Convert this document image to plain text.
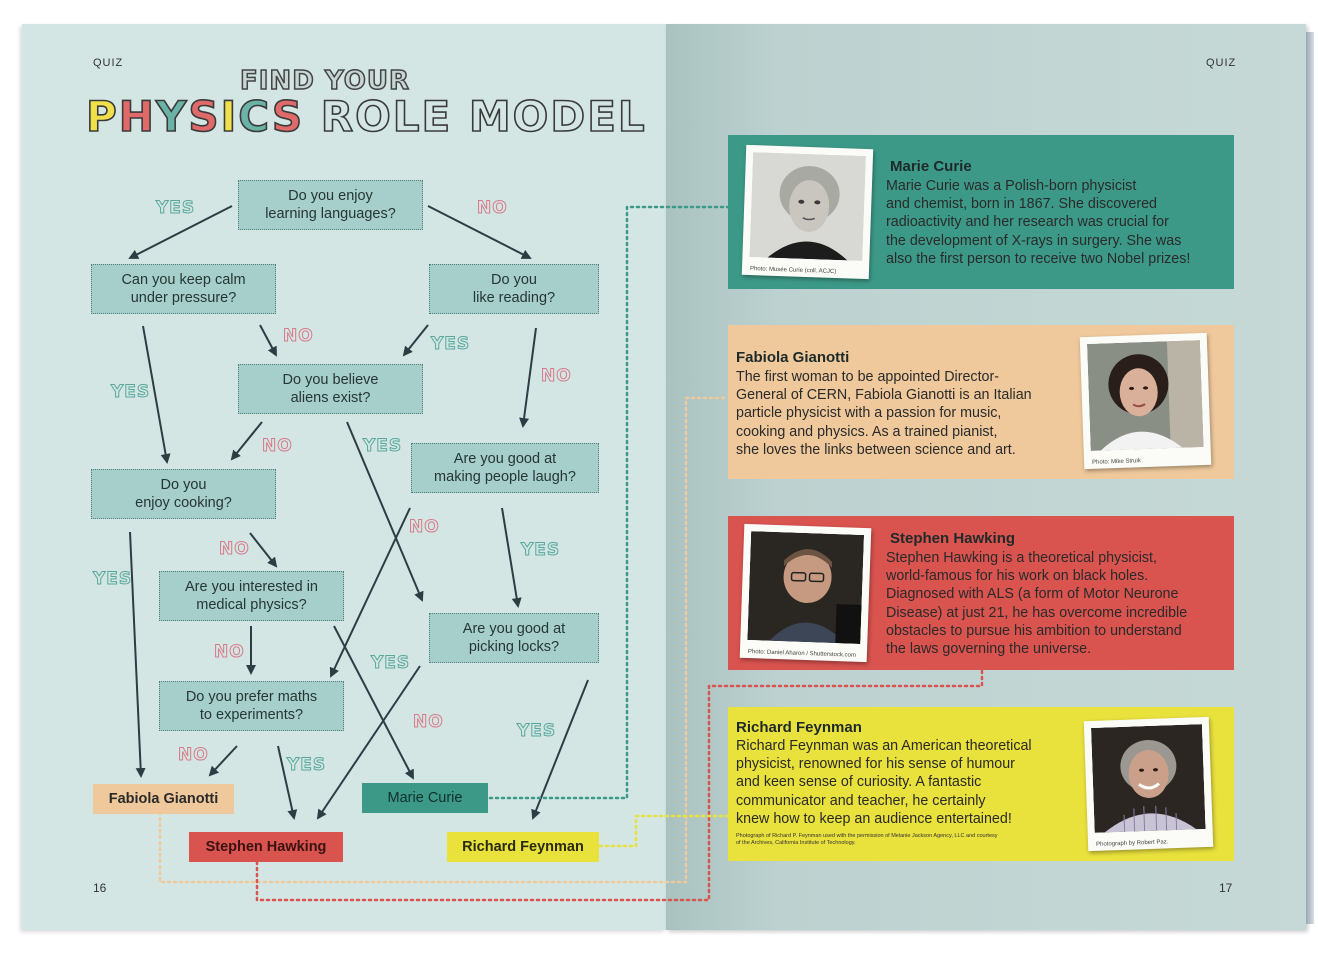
QUIZ	QUIZ
16	17
FIND YOUR
PHYSICS ROLE MODEL
Do you enjoy
learning languages?
Can you keep calm
under pressure?
Do you
like reading?
Do you believe
aliens exist?
Do you
enjoy cooking?
Are you good at
making people laugh?
Are you interested in
medical physics?
Are you good at
picking locks?
Do you prefer maths
to experiments?
Fabiola Gianotti	Marie Curie
Stephen Hawking	Richard Feynman
YES	NO
YES
NO	YES
NO
NO	YES
NO
YES
NO
YES
NO
YES
NO	YES
NO	YES
Photo: Musée Curie (coll. ACJC)
Marie Curie
Marie Curie was a Polish-born physicist
and chemist, born in 1867. She discovered
radioactivity and her research was crucial for
the development of X-rays in surgery. She was
also the first person to receive two Nobel prizes!
Fabiola Gianotti
The first woman to be appointed Director-
General of CERN, Fabiola Gianotti is an Italian
particle physicist with a passion for music,
cooking and physics. As a trained pianist,
she loves the links between science and art.
Photo: Mike Struik
Photo: Daniel Aharon / Shutterstock.com
Stephen Hawking
Stephen Hawking is a theoretical physicist,
world-famous for his work on black holes.
Diagnosed with ALS (a form of Motor Neurone
Disease) at just 21, he has overcome incredible
obstacles to pursue his ambition to understand
the laws governing the universe.
Richard Feynman
Richard Feynman was an American theoretical
physicist, renowned for his sense of humour
and keen sense of curiosity. A fantastic
communicator and teacher, he certainly
knew how to keep an audience entertained!
Photograph of Richard P. Feynman used with the permission of Melanie Jackson Agency, LLC and courtesy
of the Archives, California Institute of Technology.	Photograph by Robert Paz.
